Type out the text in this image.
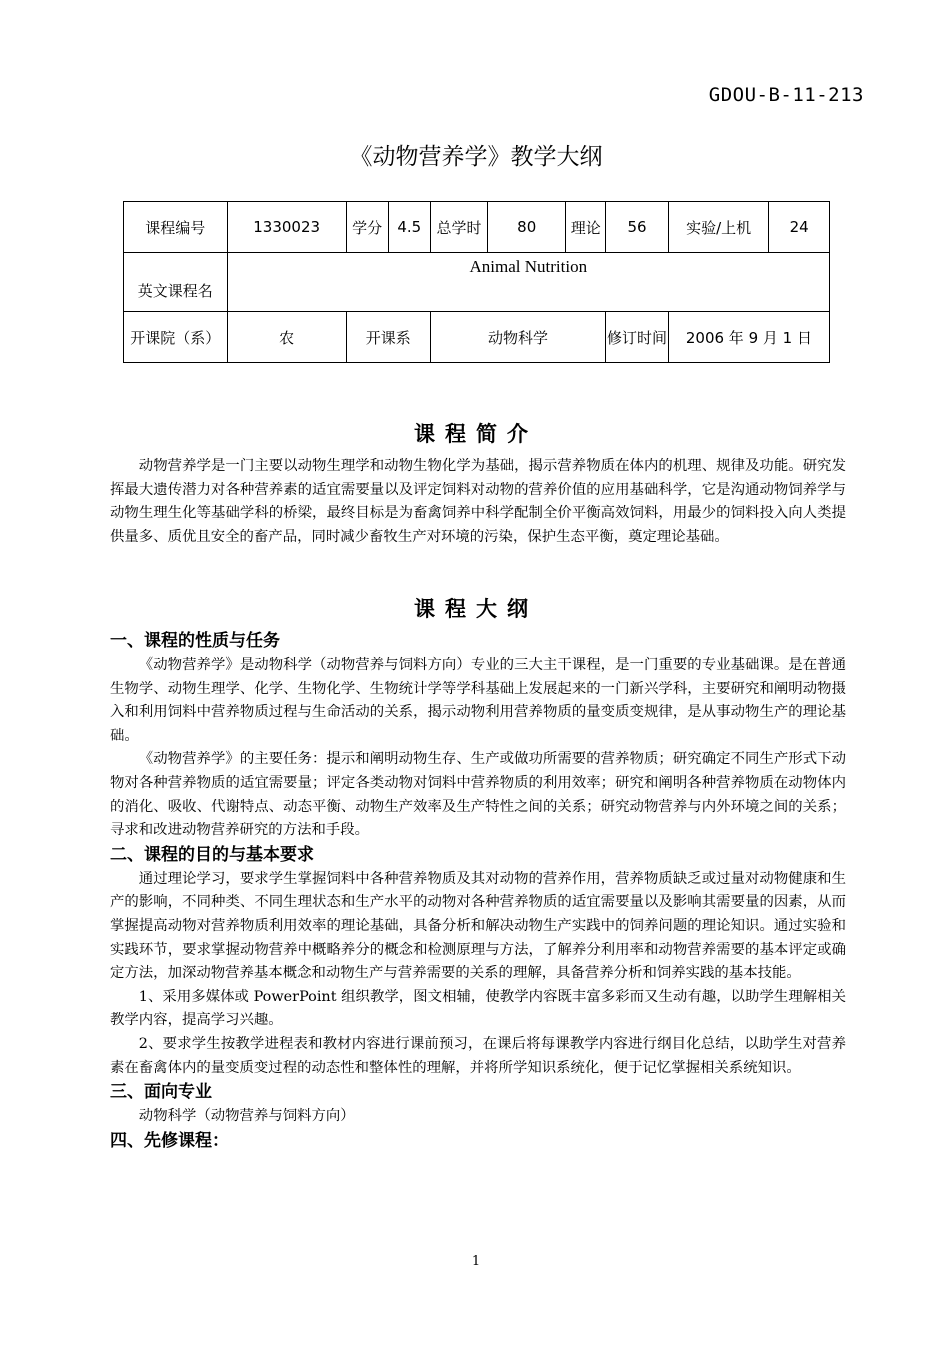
GDOU-B-11-213
《动物营养学》教学大纲
课程编号	1330023	学分	4.5	总学时	80	理论	56	实验/上机	24
英文课程名	Animal Nutrition								
开课院（系）	农	开课系		动物科学			修订时间	2006 年 9 月 1 日	
课程简介

动物营养学是一门主要以动物生理学和动物生物化学为基础，揭示营养物质在体内的机理、规律及功能。研究发挥最大遗传潜力对各种营养素的适宜需要量以及评定饲料对动物的营养价值的应用基础科学，它是沟通动物饲养学与动物生理生化等基础学科的桥梁，最终目标是为畜禽饲养中科学配制全价平衡高效饲料，用最少的饲料投入向人类提供量多、质优且安全的畜产品，同时减少畜牧生产对环境的污染，保护生态平衡，奠定理论基础。

课程大纲

一、课程的性质与任务

《动物营养学》是动物科学（动物营养与饲料方向）专业的三大主干课程，是一门重要的专业基础课。是在普通生物学、动物生理学、化学、生物化学、生物统计学等学科基础上发展起来的一门新兴学科，主要研究和阐明动物摄入和利用饲料中营养物质过程与生命活动的关系，揭示动物利用营养物质的量变质变规律，是从事动物生产的理论基础。

《动物营养学》的主要任务：提示和阐明动物生存、生产或做功所需要的营养物质；研究确定不同生产形式下动物对各种营养物质的适宜需要量；评定各类动物对饲料中营养物质的利用效率；研究和阐明各种营养物质在动物体内的消化、吸收、代谢特点、动态平衡、动物生产效率及生产特性之间的关系；研究动物营养与内外环境之间的关系；寻求和改进动物营养研究的方法和手段。

二、课程的目的与基本要求

通过理论学习，要求学生掌握饲料中各种营养物质及其对动物的营养作用，营养物质缺乏或过量对动物健康和生产的影响，不同种类、不同生理状态和生产水平的动物对各种营养物质的适宜需要量以及影响其需要量的因素，从而掌握提高动物对营养物质利用效率的理论基础，具备分析和解决动物生产实践中的饲养问题的理论知识。通过实验和实践环节，要求掌握动物营养中概略养分的概念和检测原理与方法，了解养分利用率和动物营养需要的基本评定或确定方法，加深动物营养基本概念和动物生产与营养需要的关系的理解，具备营养分析和饲养实践的基本技能。

1、采用多媒体或 PowerPoint 组织教学，图文相辅，使教学内容既丰富多彩而又生动有趣，以助学生理解相关教学内容，提高学习兴趣。

2、要求学生按教学进程表和教材内容进行课前预习，在课后将每课教学内容进行纲目化总结，以助学生对营养素在畜禽体内的量变质变过程的动态性和整体性的理解，并将所学知识系统化，便于记忆掌握相关系统知识。

三、面向专业

动物科学（动物营养与饲料方向）

四、先修课程：

1
